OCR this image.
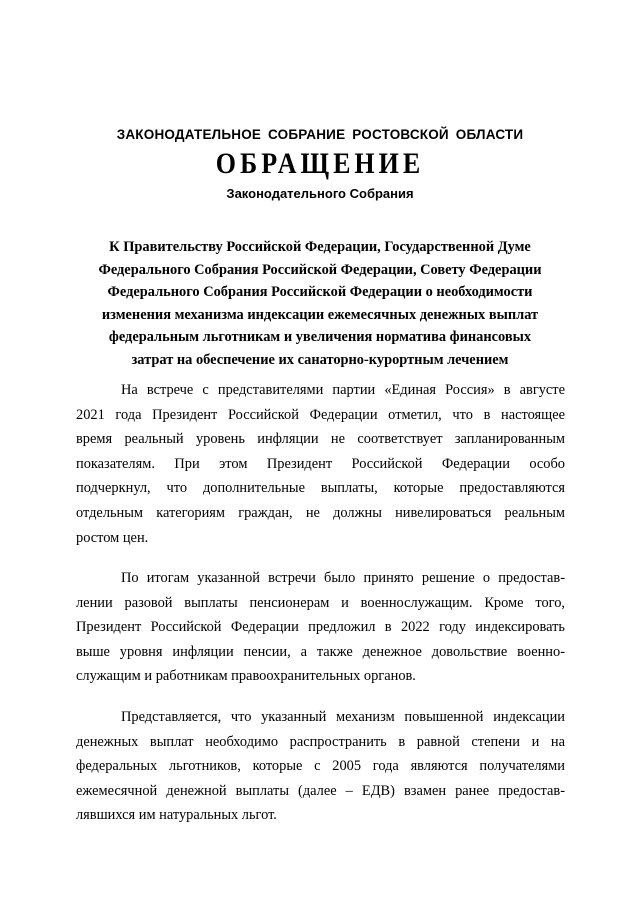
ЗАКОНОДАТЕЛЬНОЕ СОБРАНИЕ РОСТОВСКОЙ ОБЛАСТИ
ОБРАЩЕНИЕ
Законодательного Собрания
К Правительству Российской Федерации, Государственной Думе
Федерального Собрания Российской Федерации, Совету Федерации
Федерального Собрания Российской Федерации о необходимости
изменения механизма индексации ежемесячных денежных выплат
федеральным льготникам и увеличения норматива финансовых
затрат на обеспечение их санаторно-курортным лечением
На встрече с представителями партии «Единая Россия» в августе
2021 года Президент Российской Федерации отметил, что в настоящее
время реальный уровень инфляции не соответствует запланированным
показателям. При этом Президент Российской Федерации особо
подчеркнул, что дополнительные выплаты, которые предоставляются
отдельным категориям граждан, не должны нивелироваться реальным
ростом цен.
По итогам указанной встречи было принято решение о предостав-
лении разовой выплаты пенсионерам и военнослужащим. Кроме того,
Президент Российской Федерации предложил в 2022 году индексировать
выше уровня инфляции пенсии, а также денежное довольствие военно-
служащим и работникам правоохранительных органов.
Представляется, что указанный механизм повышенной индексации
денежных выплат необходимо распространить в равной степени и на
федеральных льготников, которые с 2005 года являются получателями
ежемесячной денежной выплаты (далее – ЕДВ) взамен ранее предостав-
лявшихся им натуральных льгот.
